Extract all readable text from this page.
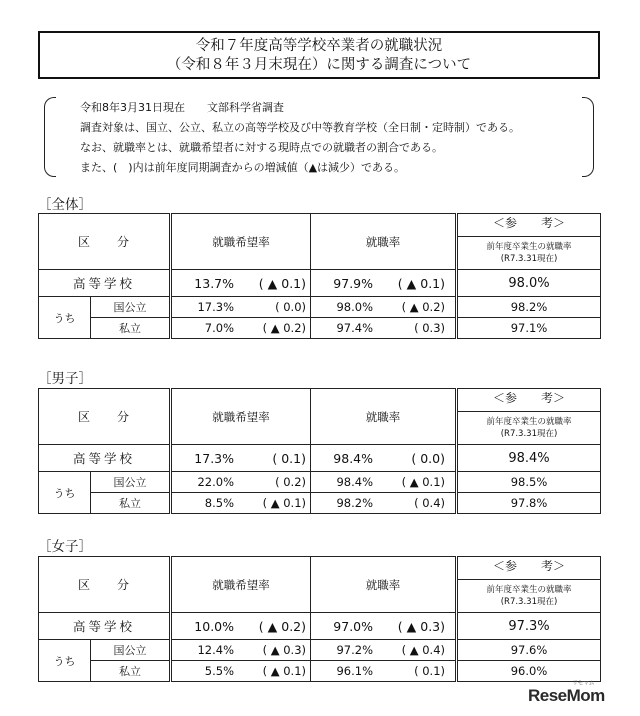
令和７年度高等学校卒業者の就職状況
（令和８年３月末現在）に関する調査について
令和8年3月31日現在　　文部科学省調査
調査対象は、国立、公立、私立の高等学校及び中等教育学校（全日制・定時制）である。
なお、就職率とは、就職希望者に対する現時点での就職者の割合である。
また、(　)内は前年度同期調査からの増減値（▲は減少）である。
［全体］
区　　分		就職希望率	就職率	＜参　　考＞
前年度卒業生の就職率
(R7.3.31現在)

高等学校		13.7% ( ▲ 0.1)	97.9% ( ▲ 0.1)	98.0%
うち	国公立	17.3% ( 0.0)	98.0% ( ▲ 0.2)	98.2%
	私立	7.0% ( ▲ 0.2)	97.4% ( 0.3)	97.1%
［男子］
区　　分		就職希望率	就職率	＜参　　考＞
前年度卒業生の就職率
(R7.3.31現在)

高等学校		17.3% ( 0.1)	98.4% ( 0.0)	98.4%
うち	国公立	22.0% ( 0.2)	98.4% ( ▲ 0.1)	98.5%
	私立	8.5% ( ▲ 0.1)	98.2% ( 0.4)	97.8%
［女子］
区　　分		就職希望率	就職率	＜参　　考＞
前年度卒業生の就職率
(R7.3.31現在)

高等学校		10.0% ( ▲ 0.2)	97.0% ( ▲ 0.3)	97.3%
うち	国公立	12.4% ( ▲ 0.3)	97.2% ( ▲ 0.4)	97.6%
	私立	5.5% ( ▲ 0.1)	96.1% ( 0.1)	96.0%
ReseMom
リセマム
